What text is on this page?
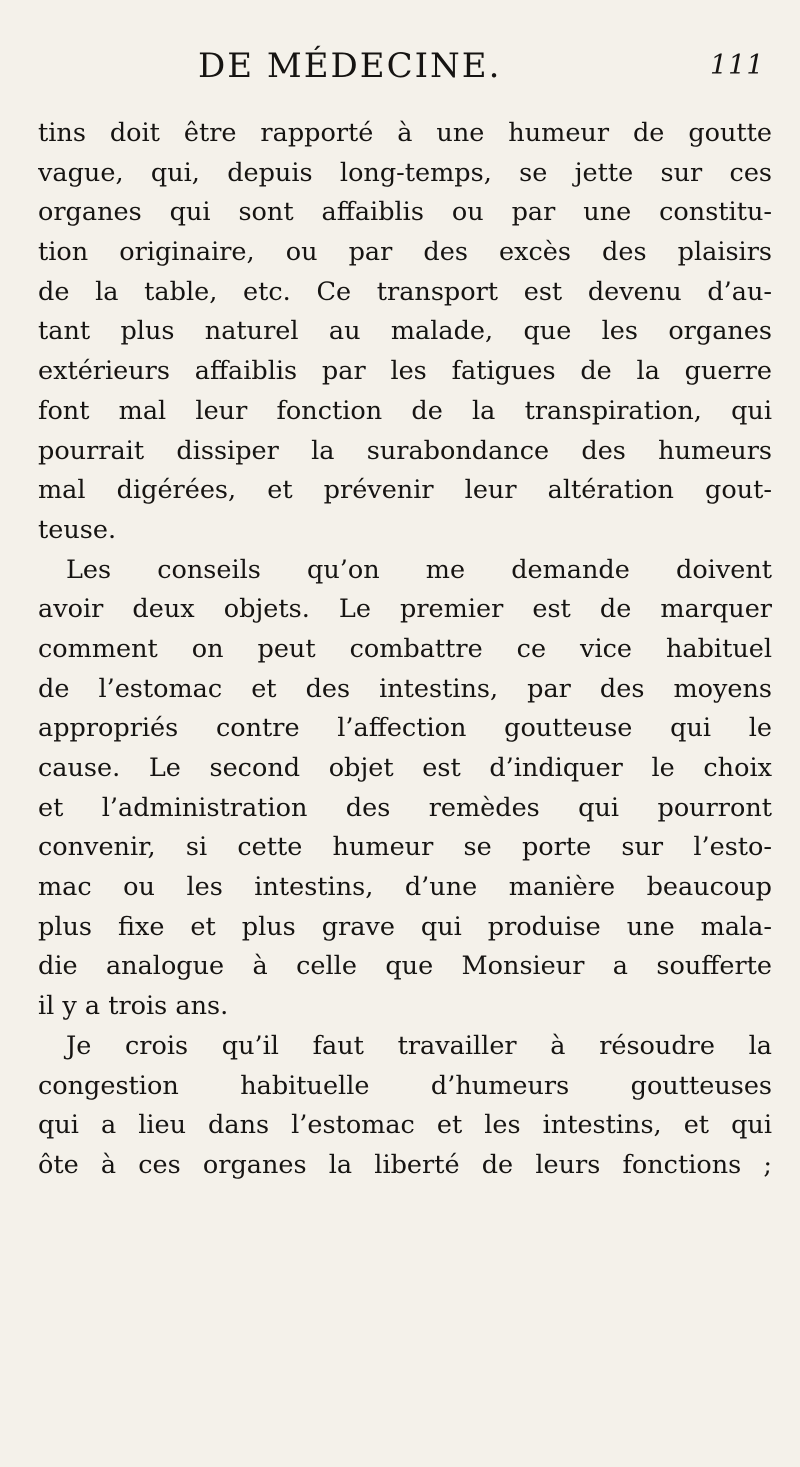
DE MÉDECINE.	111
tins doit être rapporté à une humeur de goutte
vague, qui, depuis long-temps, se jette sur ces
organes qui sont affaiblis ou par une constitu-
tion originaire, ou par des excès des plaisirs
de la table, etc. Ce transport est devenu d’au-
tant plus naturel au malade, que les organes
extérieurs affaiblis par les fatigues de la guerre
font mal leur fonction de la transpiration, qui
pourrait dissiper la surabondance des humeurs
mal digérées, et prévenir leur altération gout-
teuse.
Les conseils qu’on me demande doivent
avoir deux objets. Le premier est de marquer
comment on peut combattre ce vice habituel
de l’estomac et des intestins, par des moyens
appropriés contre l’affection goutteuse qui le
cause. Le second objet est d’indiquer le choix
et l’administration des remèdes qui pourront
convenir, si cette humeur se porte sur l’esto-
mac ou les intestins, d’une manière beaucoup
plus fixe et plus grave qui produise une mala-
die analogue à celle que Monsieur a soufferte
il y a trois ans.
Je crois qu’il faut travailler à résoudre la
congestion habituelle d’humeurs goutteuses
qui a lieu dans l’estomac et les intestins, et qui
ôte à ces organes la liberté de leurs fonctions ;
